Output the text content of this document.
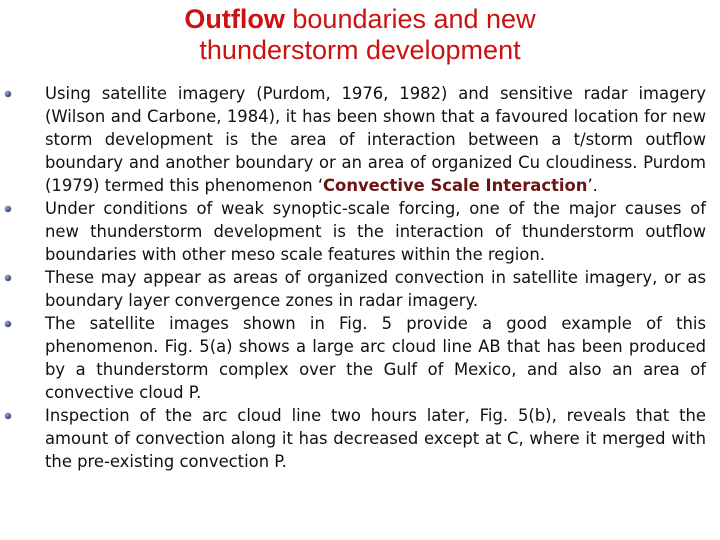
Outflow boundaries and new
thunderstorm development
Using satellite imagery (Purdom, 1976, 1982) and sensitive radar imagery (Wilson and Carbone, 1984), it has been shown that a favoured location for new storm development is the area of interaction between a t/storm outflow boundary and another boundary or an area of organized Cu cloudiness. Purdom (1979) termed this phenomenon ‘Convective Scale Interaction’.
Under conditions of weak synoptic-scale forcing, one of the major causes of new thunderstorm development is the interaction of thunderstorm outflow boundaries with other meso scale features within the region.
These may appear as areas of organized convection in satellite imagery, or as boundary layer convergence zones in radar imagery.
The satellite images shown in Fig. 5 provide a good example of this phenomenon. Fig. 5(a) shows a large arc cloud line AB that has been produced by a thunderstorm complex over the Gulf of Mexico, and also an area of convective cloud P.
Inspection of the arc cloud line two hours later, Fig. 5(b), reveals that the amount of convection along it has decreased except at C, where it merged with the pre-existing convection P.
